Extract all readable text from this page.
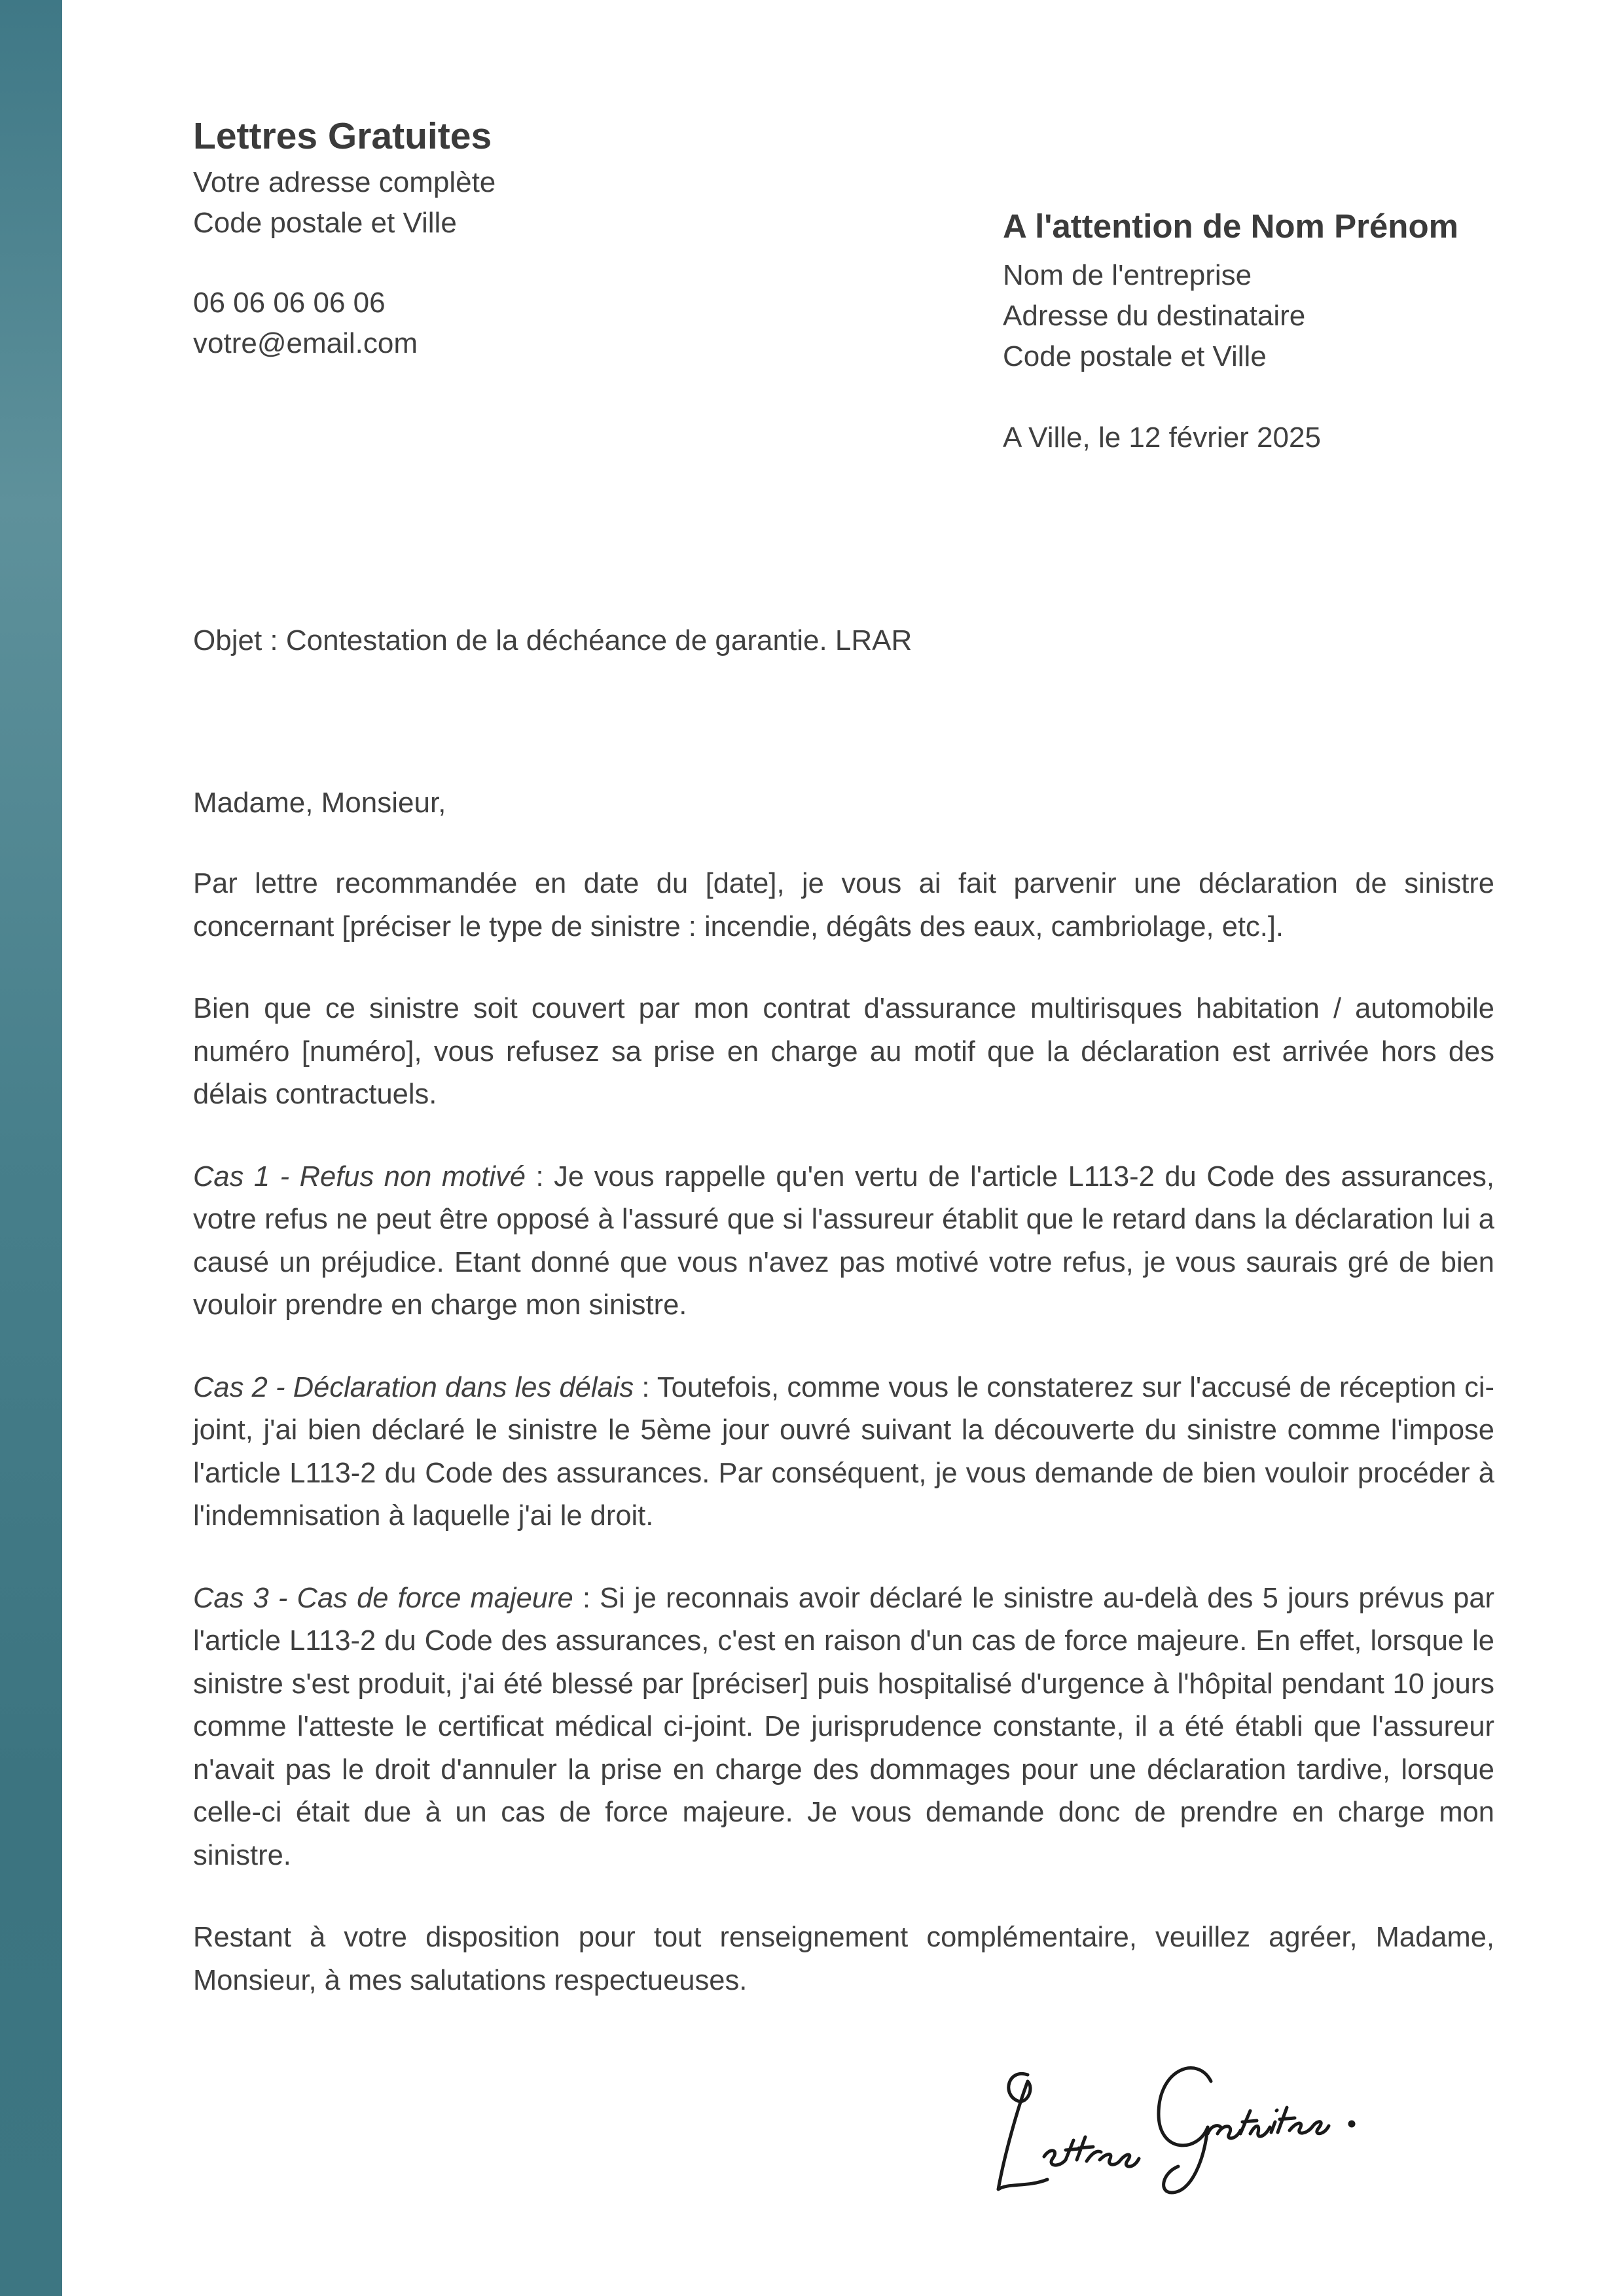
Lettres Gratuites

Votre adresse complète

Code postale et Ville

06 06 06 06 06

votre@email.com

A l'attention de Nom Prénom

Nom de l'entreprise

Adresse du destinataire

Code postale et Ville

A Ville, le 12 février 2025

Objet : Contestation de la déchéance de garantie. LRAR
Madame, Monsieur,

Par lettre recommandée en date du [date], je vous ai fait parvenir une déclaration de sinistre concernant [préciser le type de sinistre : incendie, dégâts des eaux, cambriolage, etc.].

Bien que ce sinistre soit couvert par mon contrat d'assurance multirisques habitation / automobile numéro [numéro], vous refusez sa prise en charge au motif que la déclaration est arrivée hors des délais contractuels.

Cas 1 - Refus non motivé : Je vous rappelle qu'en vertu de l'article L113-2 du Code des assurances, votre refus ne peut être opposé à l'assuré que si l'assureur établit que le retard dans la déclaration lui a causé un préjudice. Etant donné que vous n'avez pas motivé votre refus, je vous saurais gré de bien vouloir prendre en charge mon sinistre.

Cas 2 - Déclaration dans les délais : Toutefois, comme vous le constaterez sur l'accusé de réception ci-joint, j'ai bien déclaré le sinistre le 5ème jour ouvré suivant la découverte du sinistre comme l'impose l'article L113-2 du Code des assurances. Par conséquent, je vous demande de bien vouloir procéder à l'indemnisation à laquelle j'ai le droit.

Cas 3 - Cas de force majeure : Si je reconnais avoir déclaré le sinistre au-delà des 5 jours prévus par l'article L113-2 du Code des assurances, c'est en raison d'un cas de force majeure. En effet, lorsque le sinistre s'est produit, j'ai été blessé par [préciser] puis hospitalisé d'urgence à l'hôpital pendant 10 jours comme l'atteste le certificat médical ci-joint. De jurisprudence constante, il a été établi que l'assureur n'avait pas le droit d'annuler la prise en charge des dommages pour une déclaration tardive, lorsque celle-ci était due à un cas de force majeure. Je vous demande donc de prendre en charge mon sinistre.

Restant à votre disposition pour tout renseignement complémentaire, veuillez agréer, Madame, Monsieur, à mes salutations respectueuses.
